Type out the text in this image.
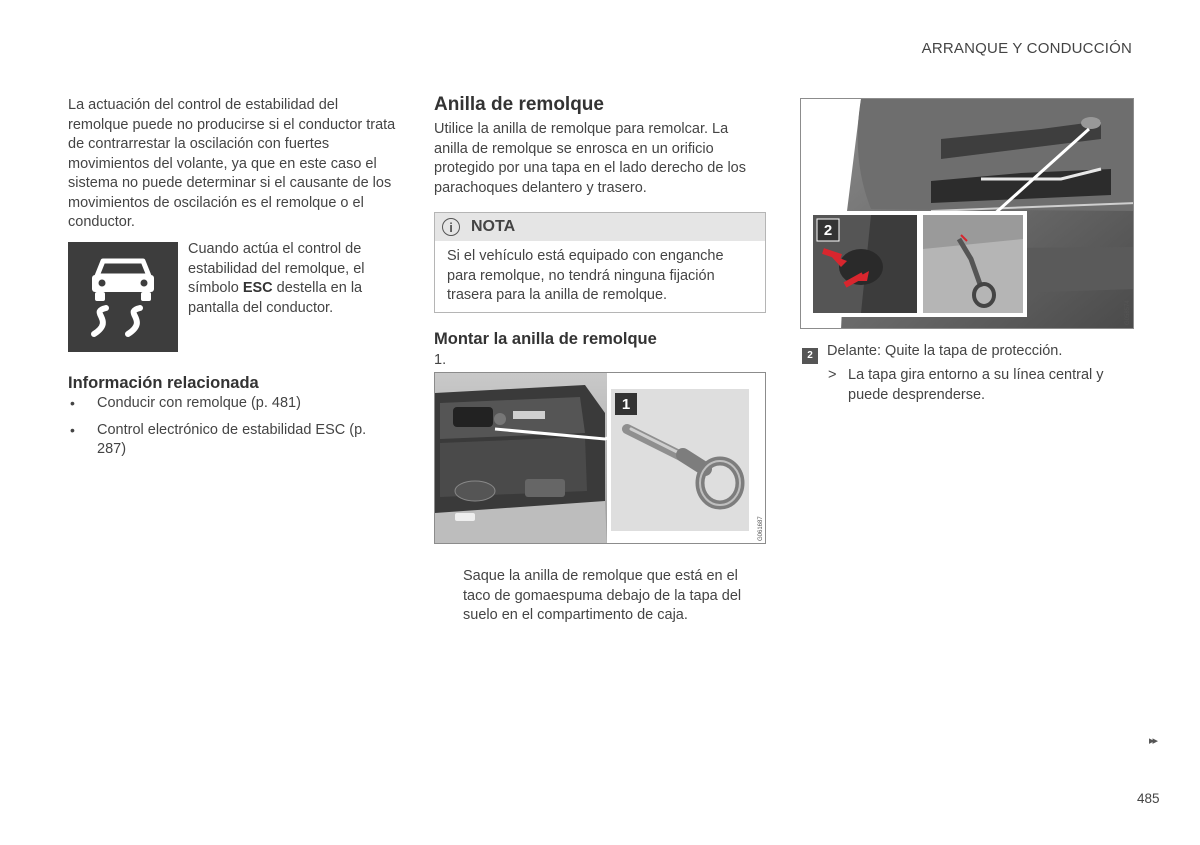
ARRANQUE Y CONDUCCIÓN
La actuación del control de estabilidad del remolque puede no producirse si el conductor trata de contrarrestar la oscilación con fuertes movimientos del volante, ya que en este caso el sistema no puede determinar si el causante de los movimientos de oscilación es el remolque o el conductor.
Cuando actúa el control de estabilidad del remolque, el símbolo ESC destella en la pantalla del conductor.
Información relacionada
• Conducir con remolque (p. 481)
• Control electrónico de estabilidad ESC (p. 287)
Anilla de remolque
Utilice la anilla de remolque para remolcar. La anilla de remolque se enrosca en un orificio protegido por una tapa en el lado derecho de los parachoques delantero y trasero.
i	NOTA
Si el vehículo está equipado con enganche para remolque, no tendrá ninguna fijación trasera para la anilla de remolque.
Montar la anilla de remolque
1.
1
G061687
Saque la anilla de remolque que está en el taco de gomaespuma debajo de la tapa del suelo en el compartimento de caja.
2
G058574
2 Delante: Quite la tapa de protección.
> La tapa gira entorno a su línea central y puede desprenderse.
▸▸
485
